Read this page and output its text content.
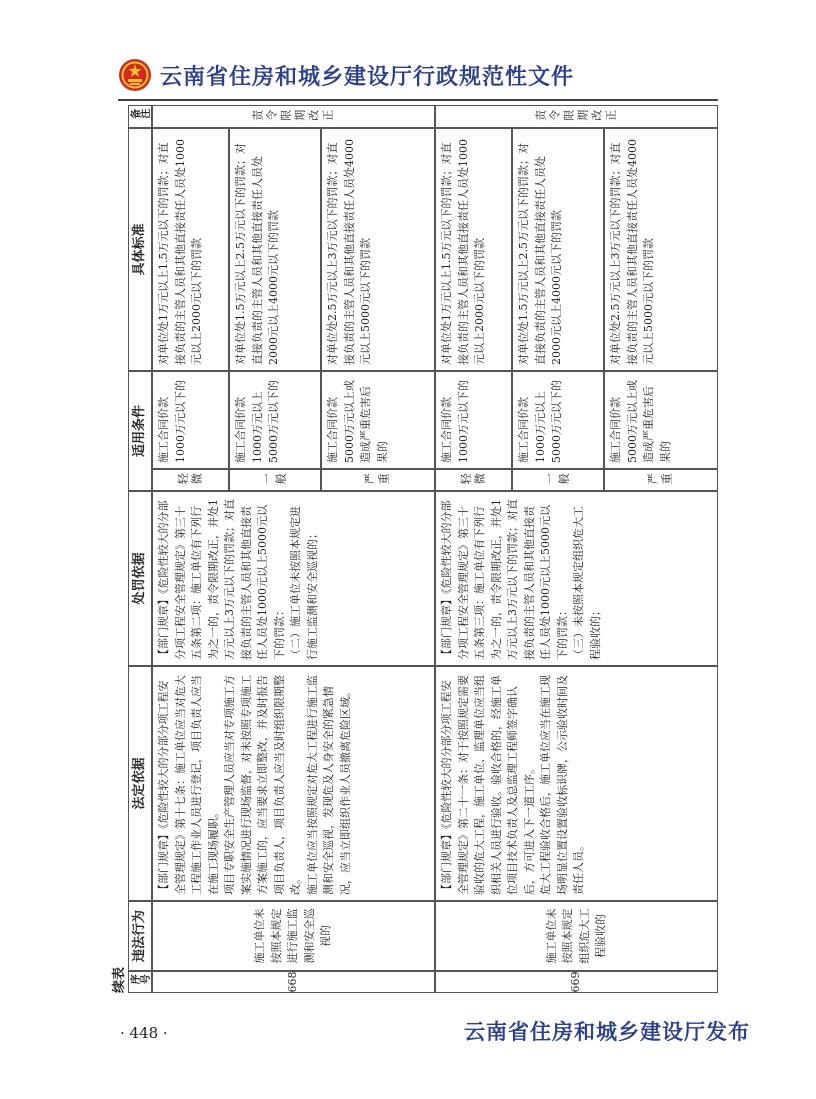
云南省住房和城乡建设厅行政规范性文件
续表 序号
违法行为
法定依据
处罚依据
适用条件
具体标准
备注
668
施工单位未按照本规定进行施工监测和安全巡视的
【部门规章】《危险性较大的分部分项工程安全管理规定》第十七条：施工单位应当对危大工程施工作业人员进行登记，项目负责人应当在施工现场履职。
项目专职安全生产管理人员应当对专项施工方案实施情况进行现场监督，对未按照专项施工方案施工的，应当要求立即整改，并及时报告项目负责人，项目负责人应当及时组织限期整改。
施工单位应当按照规定对危大工程进行施工监测和安全巡视，发现危及人身安全的紧急情况，应当立即组织作业人员撤离危险区域。
【部门规章】《危险性较大的分部分项工程安全管理规定》第三十五条第二项：施工单位有下列行为之一的，责令限期改正，并处1万元以上3万元以下的罚款；对直接负责的主管人员和其他直接责任人员处1000元以上5000元以下的罚款：
（二）施工单位未按照本规定进行施工监测和安全巡视的；
轻微
施工合同价款1000万元以下的
对单位处1万元以上1.5万元以下的罚款；对直接负责的主管人员和其他直接责任人员处1000元以上2000元以下的罚款
一般
施工合同价款1000万元以上5000万元以下的
对单位处1.5万元以上2.5万元以下的罚款；对直接负责的主管人员和其他直接责任人员处2000元以上4000元以下的罚款
严重
施工合同价款5000万元以上或造成严重危害后果的
对单位处2.5万元以上3万元以下的罚款；对直接负责的主管人员和其他直接责任人员处4000元以上5000元以下的罚款
责令限期改正
669
施工单位未按照本规定组织危大工程验收的
【部门规章】《危险性较大的分部分项工程安全管理规定》第二十一条：对于按照规定需要验收的危大工程，施工单位、监理单位应当组织相关人员进行验收。验收合格的，经施工单位项目技术负责人及总监理工程师签字确认后，方可进入下一道工序。
危大工程验收合格后，施工单位应当在施工现场明显位置设置验收标识牌，公示验收时间及责任人员。
【部门规章】《危险性较大的分部分项工程安全管理规定》第三十五条第三项：施工单位有下列行为之一的，责令限期改正，并处1万元以上3万元以下的罚款；对直接负责的主管人员和其他直接责任人员处1000元以上5000元以下的罚款：
（三）未按照本规定组织危大工程验收的；
轻微
施工合同价款1000万元以下的
对单位处1万元以上1.5万元以下的罚款；对直接负责的主管人员和其他直接责任人员处1000元以上2000元以下的罚款
一般
施工合同价款1000万元以上5000万元以下的
对单位处1.5万元以上2.5万元以下的罚款；对直接负责的主管人员和其他直接责任人员处2000元以上4000元以下的罚款
严重
施工合同价款5000万元以上或造成严重危害后果的
对单位处2.5万元以上3万元以下的罚款；对直接负责的主管人员和其他直接责任人员处4000元以上5000元以下的罚款
责令限期改正
· 448 ·	云南省住房和城乡建设厅发布
